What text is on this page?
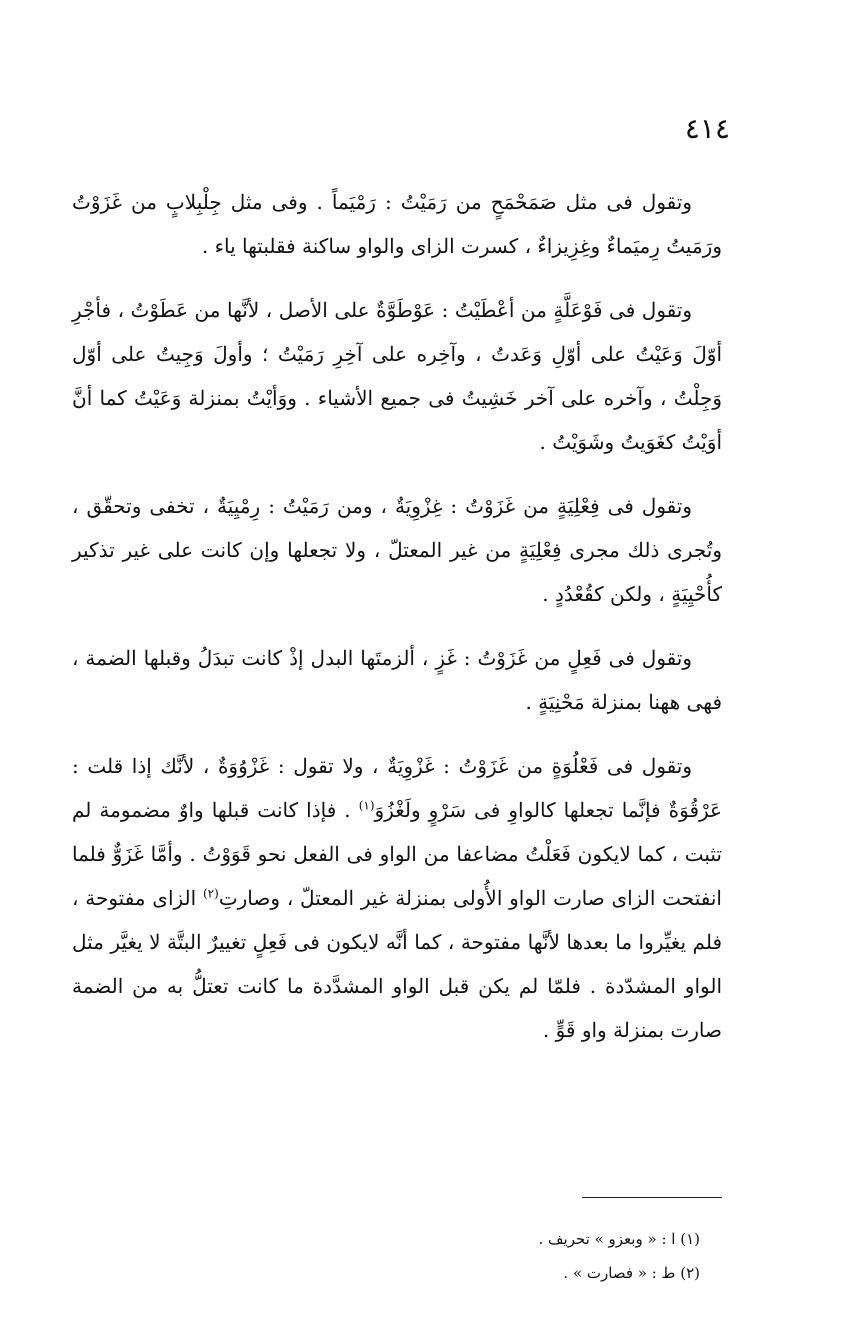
٤١٤

وتقول فى مثل صَمَحْمَحٍ من رَمَيْتُ : رَمْيَماً . وفى مثل جِلْبِلابٍ من غَزَوْتُ ورَمَيتُ رِميَماءٌ وغِزِيزاءٌ ، كسرت الزاى والواو ساكنة فقلبتها ياء .

وتقول فى فَوْعَلَّةٍ من أعْطَيْتُ : عَوْطَوَّةٌ على الأصل ، لأنَّها من عَطَوْتُ ، فأجْرِ أوّلَ وَعَيْتُ على أوّلِ وَعَدتُ ، وآخِره على آخِرِ رَمَيْتُ ؛ وأولَ وَجِيتُ على أوّل وَجِلْتُ ، وآخره على آخر خَشِيتُ فى جميع الأشياء . ووَأيْتُ بمنزلة وَعَيْتُ كما أنَّ أوَيْتُ كغَوَيتُ وشَوَيْتُ .

وتقول فى فِعْلِيَةٍ من غَزَوْتُ : غِزْوِيَةٌ ، ومن رَمَيْتُ : رِمْيِيَةٌ ، تخفى وتحقّق ، وتُجرى ذلك مجرى فِعْلِيَةٍ من غير المعتلّ ، ولا تجعلها وإن كانت على غير تذكير كأُحْيِيَةٍ ، ولكن كقُعْدُدٍ .

وتقول فى فَعِلٍ من غَزَوْتُ : غَزٍ ، ألزمتَها البدل إذْ كانت تبدَلُ وقبلها الضمة ، فهى ههنا بمنزلة مَحْنِيَةٍ .

وتقول فى فَعْلُوَةٍ من غَزَوْتُ : غَزْوِيَةٌ ، ولا تقول : غَزْوُوَةٌ ، لأنَّك إذا قلت : عَرْقُوَةٌ فإنَّما تجعلها كالواوِ فى سَرْوٍ ولَغْزُوَ$^{(١)}$ . فإذا كانت قبلها واوٌ مضمومة لم تثبت ، كما لايكون فَعَلْتُ مضاعفا من الواو فى الفعل نحو قَوَوْتُ . وأمَّا غَزَوٌّ فلما انفتحت الزاى صارت الواو الأُولى بمنزلة غير المعتلّ ، وصارتِ$^{(٢)}$ الزاى مفتوحة ، فلم يغيِّروا ما بعدها لأنَّها مفتوحة ، كما أنَّه لايكون فى فَعِلٍ تغييرٌ البتَّة لا يغيَّر مثل الواو المشدّدة . فلمّا لم يكن قبل الواو المشدَّدة ما كانت تعتلُّ به من الضمة صارت بمنزلة واو قَوٍّ .

(١) ا : « وبعزو » تحريف .

(٢) ط : « فصارت » .
